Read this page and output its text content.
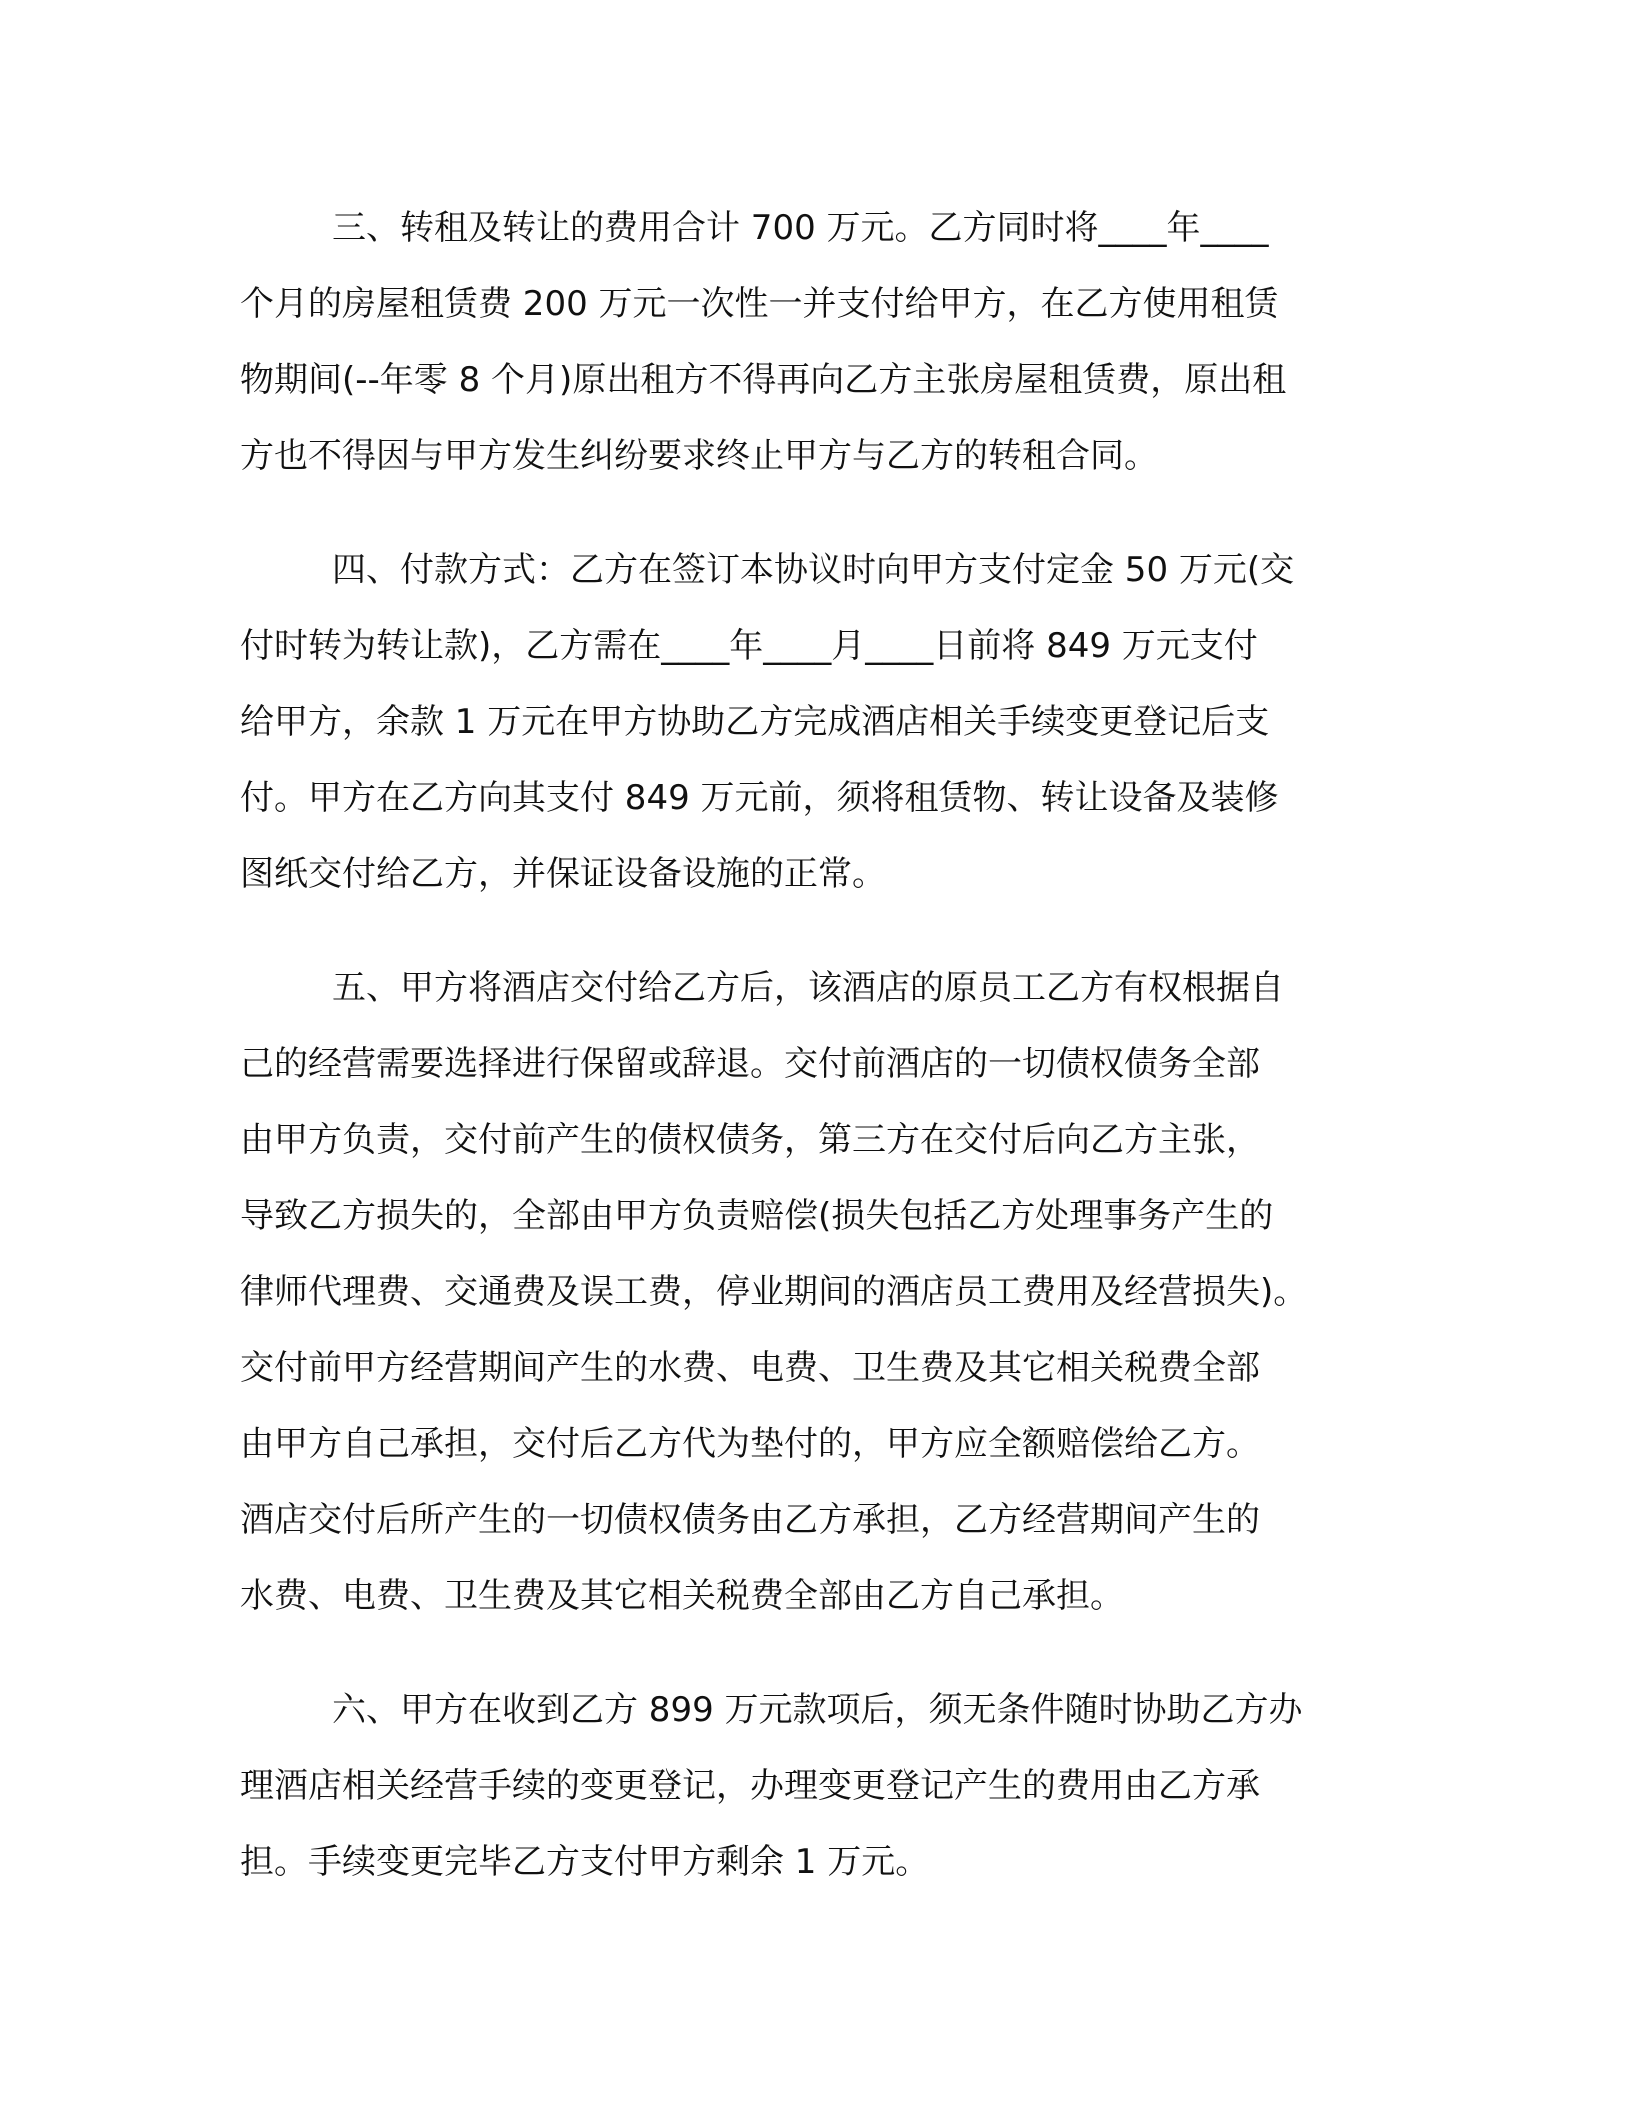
三、转租及转让的费用合计 700 万元。乙方同时将____年____
个月的房屋租赁费 200 万元一次性一并支付给甲方，在乙方使用租赁
物期间(--年零 8 个月)原出租方不得再向乙方主张房屋租赁费，原出租
方也不得因与甲方发生纠纷要求终止甲方与乙方的转租合同。
四、付款方式：乙方在签订本协议时向甲方支付定金 50 万元(交
付时转为转让款)，乙方需在____年____月____日前将 849 万元支付
给甲方，余款 1 万元在甲方协助乙方完成酒店相关手续变更登记后支
付。甲方在乙方向其支付 849 万元前，须将租赁物、转让设备及装修
图纸交付给乙方，并保证设备设施的正常。
五、甲方将酒店交付给乙方后，该酒店的原员工乙方有权根据自
己的经营需要选择进行保留或辞退。交付前酒店的一切债权债务全部
由甲方负责，交付前产生的债权债务，第三方在交付后向乙方主张，
导致乙方损失的，全部由甲方负责赔偿(损失包括乙方处理事务产生的
律师代理费、交通费及误工费，停业期间的酒店员工费用及经营损失)。
交付前甲方经营期间产生的水费、电费、卫生费及其它相关税费全部
由甲方自己承担，交付后乙方代为垫付的，甲方应全额赔偿给乙方。
酒店交付后所产生的一切债权债务由乙方承担，乙方经营期间产生的
水费、电费、卫生费及其它相关税费全部由乙方自己承担。
六、甲方在收到乙方 899 万元款项后，须无条件随时协助乙方办
理酒店相关经营手续的变更登记，办理变更登记产生的费用由乙方承
担。手续变更完毕乙方支付甲方剩余 1 万元。
